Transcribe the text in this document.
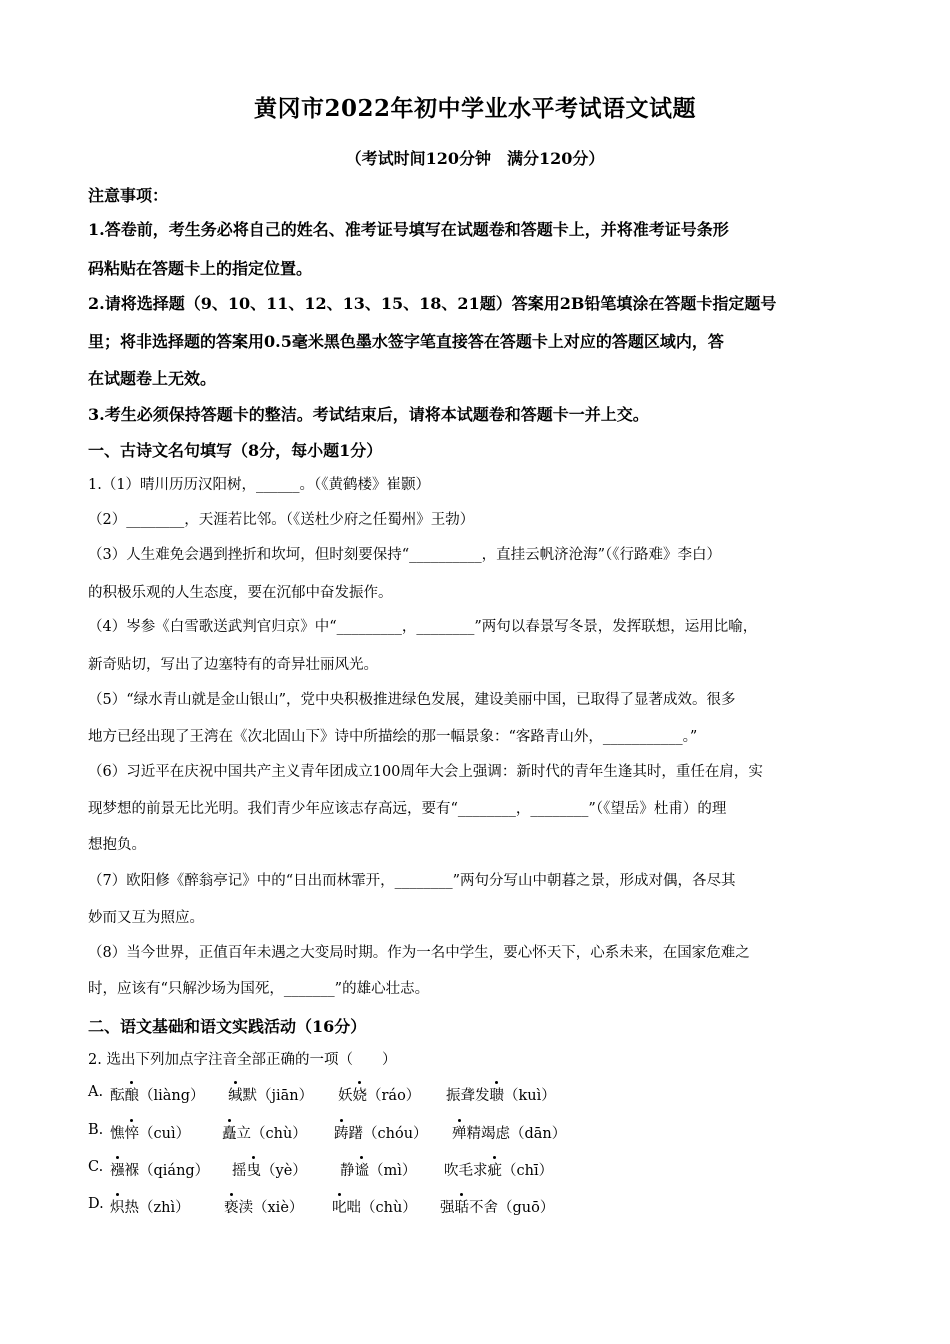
黄冈市2022年初中学业水平考试语文试题
（考试时间120分钟　满分120分）
注意事项：
1.答卷前，考生务必将自己的姓名、准考证号填写在试题卷和答题卡上，并将准考证号条形
码粘贴在答题卡上的指定位置。
2.请将选择题（9、10、11、12、13、15、18、21题）答案用2B铅笔填涂在答题卡指定题号
里；将非选择题的答案用0.5毫米黑色墨水签字笔直接答在答题卡上对应的答题区域内，答
在试题卷上无效。
3.考生必须保持答题卡的整洁。考试结束后，请将本试题卷和答题卡一并上交。
一、古诗文名句填写（8分，每小题1分）
1.（1）晴川历历汉阳树，______。（《黄鹤楼》崔颢）
（2）________，天涯若比邻。（《送杜少府之任蜀州》王勃）
（3）人生难免会遇到挫折和坎坷，但时刻要保持“__________，直挂云帆济沧海”（《行路难》李白）
的积极乐观的人生态度，要在沉郁中奋发振作。
（4）岑参《白雪歌送武判官归京》中“_________，________”两句以春景写冬景，发挥联想，运用比喻，
新奇贴切，写出了边塞特有的奇异壮丽风光。
（5）“绿水青山就是金山银山”，党中央积极推进绿色发展，建设美丽中国，已取得了显著成效。很多
地方已经出现了王湾在《次北固山下》诗中所描绘的那一幅景象：“客路青山外，___________。”
（6）习近平在庆祝中国共产主义青年团成立100周年大会上强调：新时代的青年生逢其时，重任在肩，实
现梦想的前景无比光明。我们青少年应该志存高远，要有“________，________”（《望岳》杜甫）的理
想抱负。
（7）欧阳修《醉翁亭记》中的“日出而林霏开，________”两句分写山中朝暮之景，形成对偶，各尽其
妙而又互为照应。
（8）当今世界，正值百年未遇之大变局时期。作为一名中学生，要心怀天下，心系未来，在国家危难之
时，应该有“只解沙场为国死，_______”的雄心壮志。
二、语文基础和语文实践活动（16分）
2. 选出下列加点字注音全部正确的一项（　　）
A. 酝酿（liàng） 缄默（jiān） 妖娆（ráo） 振聋发聩（kuì）
B. 憔悴（cuì） 矗立（chù） 踌躇（chóu） 殚精竭虑（dān）
C. 襁褓（qiáng） 摇曳（yè） 静谧（mì） 吹毛求疵（chī）
D. 炽热（zhì） 亵渎（xiè） 叱咄（chù） 强聒不舍（guō）
